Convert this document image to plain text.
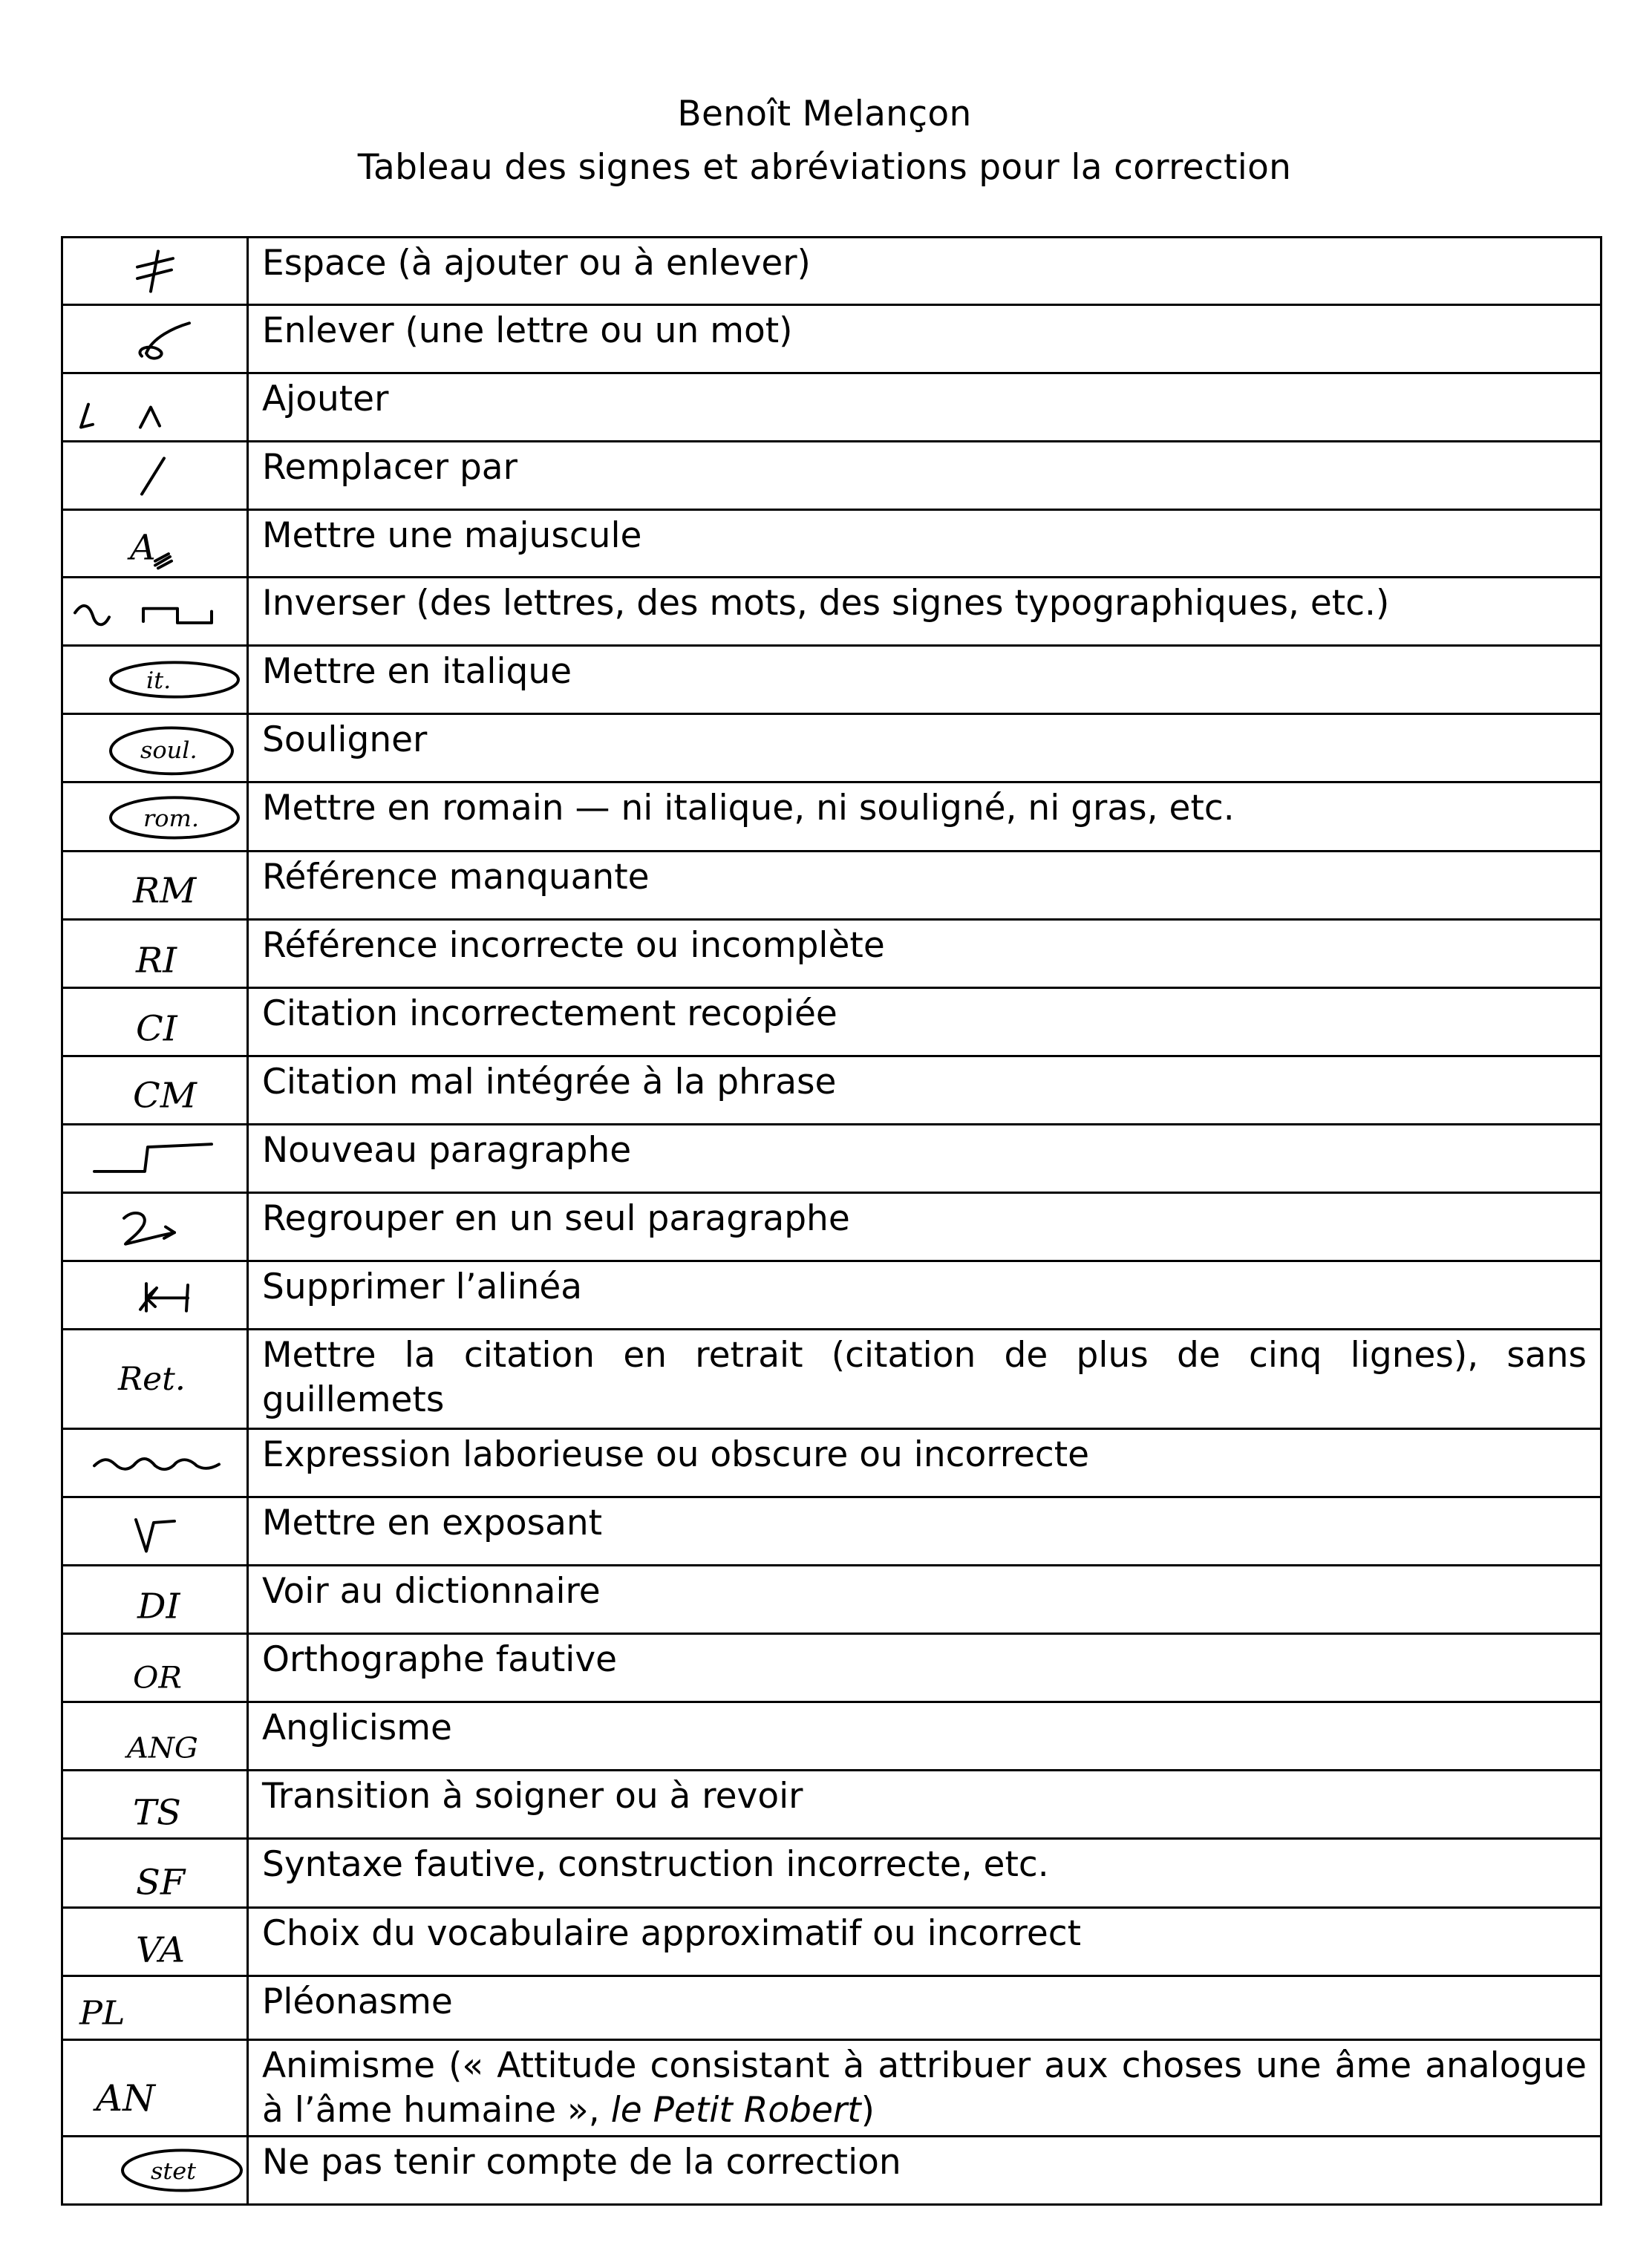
Benoît Melançon
Tableau des signes et abréviations pour la correction
	Espace (à ajouter ou à enlever)

	Enlever (une lettre ou un mot)

	Ajouter

	Remplacer par

A	Mettre une majuscule

	Inverser (des lettres, des mots, des signes typographiques, etc.)

it.	Mettre en italique

soul.	Souligner

rom.	Mettre en romain — ni italique, ni souligné, ni gras, etc.

RM	Référence manquante

RI	Référence incorrecte ou incomplète

CI	Citation incorrectement recopiée

CM	Citation mal intégrée à la phrase

	Nouveau paragraphe

	Regrouper en un seul paragraphe

	Supprimer l’alinéa

Ret.	Mettre la citation en retrait (citation de plus de cinq lignes), sans guillemets

	Expression laborieuse ou obscure ou incorrecte

	Mettre en exposant

DI	Voir au dictionnaire

OR	Orthographe fautive

ANG	Anglicisme

TS	Transition à soigner ou à revoir

SF	Syntaxe fautive, construction incorrecte, etc.

VA	Choix du vocabulaire approximatif ou incorrect

PL	Pléonasme

AN	Animisme (« Attitude consistant à attribuer aux choses une âme analogue à l’âme humaine », le Petit Robert)

stet	Ne pas tenir compte de la correction
